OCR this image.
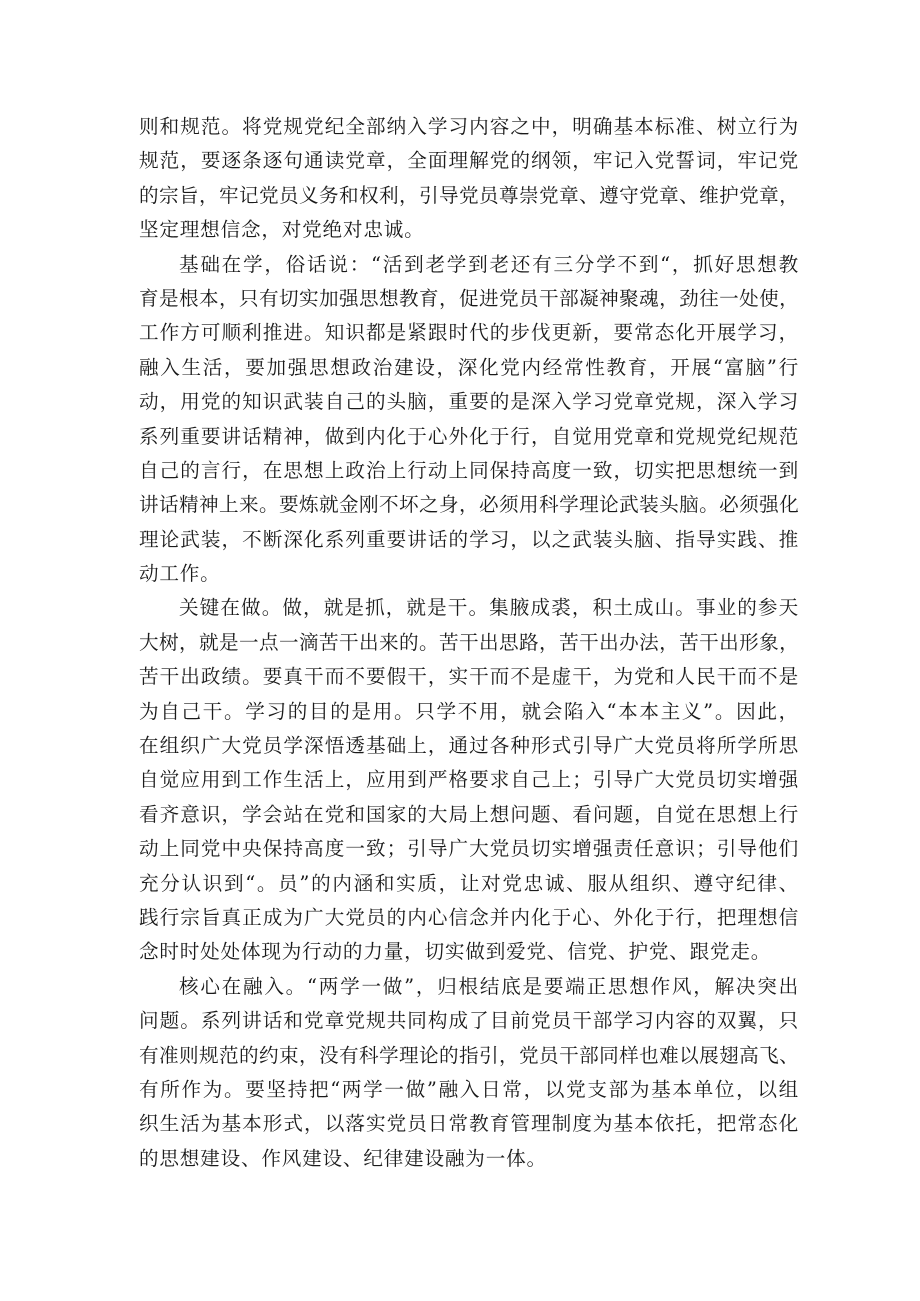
则和规范。将党规党纪全部纳入学习内容之中，明确基本标准、树立行为
规范，要逐条逐句通读党章，全面理解党的纲领，牢记入党誓词，牢记党
的宗旨，牢记党员义务和权利，引导党员尊崇党章、遵守党章、维护党章，
坚定理想信念，对党绝对忠诚。
基础在学，俗话说：“活到老学到老还有三分学不到“，抓好思想教
育是根本，只有切实加强思想教育，促进党员干部凝神聚魂，劲往一处使，
工作方可顺利推进。知识都是紧跟时代的步伐更新，要常态化开展学习，
融入生活，要加强思想政治建设，深化党内经常性教育，开展“富脑”行
动，用党的知识武装自己的头脑，重要的是深入学习党章党规，深入学习
系列重要讲话精神，做到内化于心外化于行，自觉用党章和党规党纪规范
自己的言行，在思想上政治上行动上同保持高度一致，切实把思想统一到
讲话精神上来。要炼就金刚不坏之身，必须用科学理论武装头脑。必须强化
理论武装，不断深化系列重要讲话的学习，以之武装头脑、指导实践、推
动工作。
关键在做。做，就是抓，就是干。集腋成裘，积土成山。事业的参天
大树，就是一点一滴苦干出来的。苦干出思路，苦干出办法，苦干出形象，
苦干出政绩。要真干而不要假干，实干而不是虚干，为党和人民干而不是
为自己干。学习的目的是用。只学不用，就会陷入“本本主义”。因此，
在组织广大党员学深悟透基础上，通过各种形式引导广大党员将所学所思
自觉应用到工作生活上，应用到严格要求自己上；引导广大党员切实增强
看齐意识，学会站在党和国家的大局上想问题、看问题，自觉在思想上行
动上同党中央保持高度一致；引导广大党员切实增强责任意识；引导他们
充分认识到“。员”的内涵和实质，让对党忠诚、服从组织、遵守纪律、
践行宗旨真正成为广大党员的内心信念并内化于心、外化于行，把理想信
念时时处处体现为行动的力量，切实做到爱党、信党、护党、跟党走。
核心在融入。“两学一做”，归根结底是要端正思想作风，解决突出
问题。系列讲话和党章党规共同构成了目前党员干部学习内容的双翼，只
有准则规范的约束，没有科学理论的指引，党员干部同样也难以展翅高飞、
有所作为。要坚持把“两学一做”融入日常，以党支部为基本单位，以组
织生活为基本形式，以落实党员日常教育管理制度为基本依托，把常态化
的思想建设、作风建设、纪律建设融为一体。
